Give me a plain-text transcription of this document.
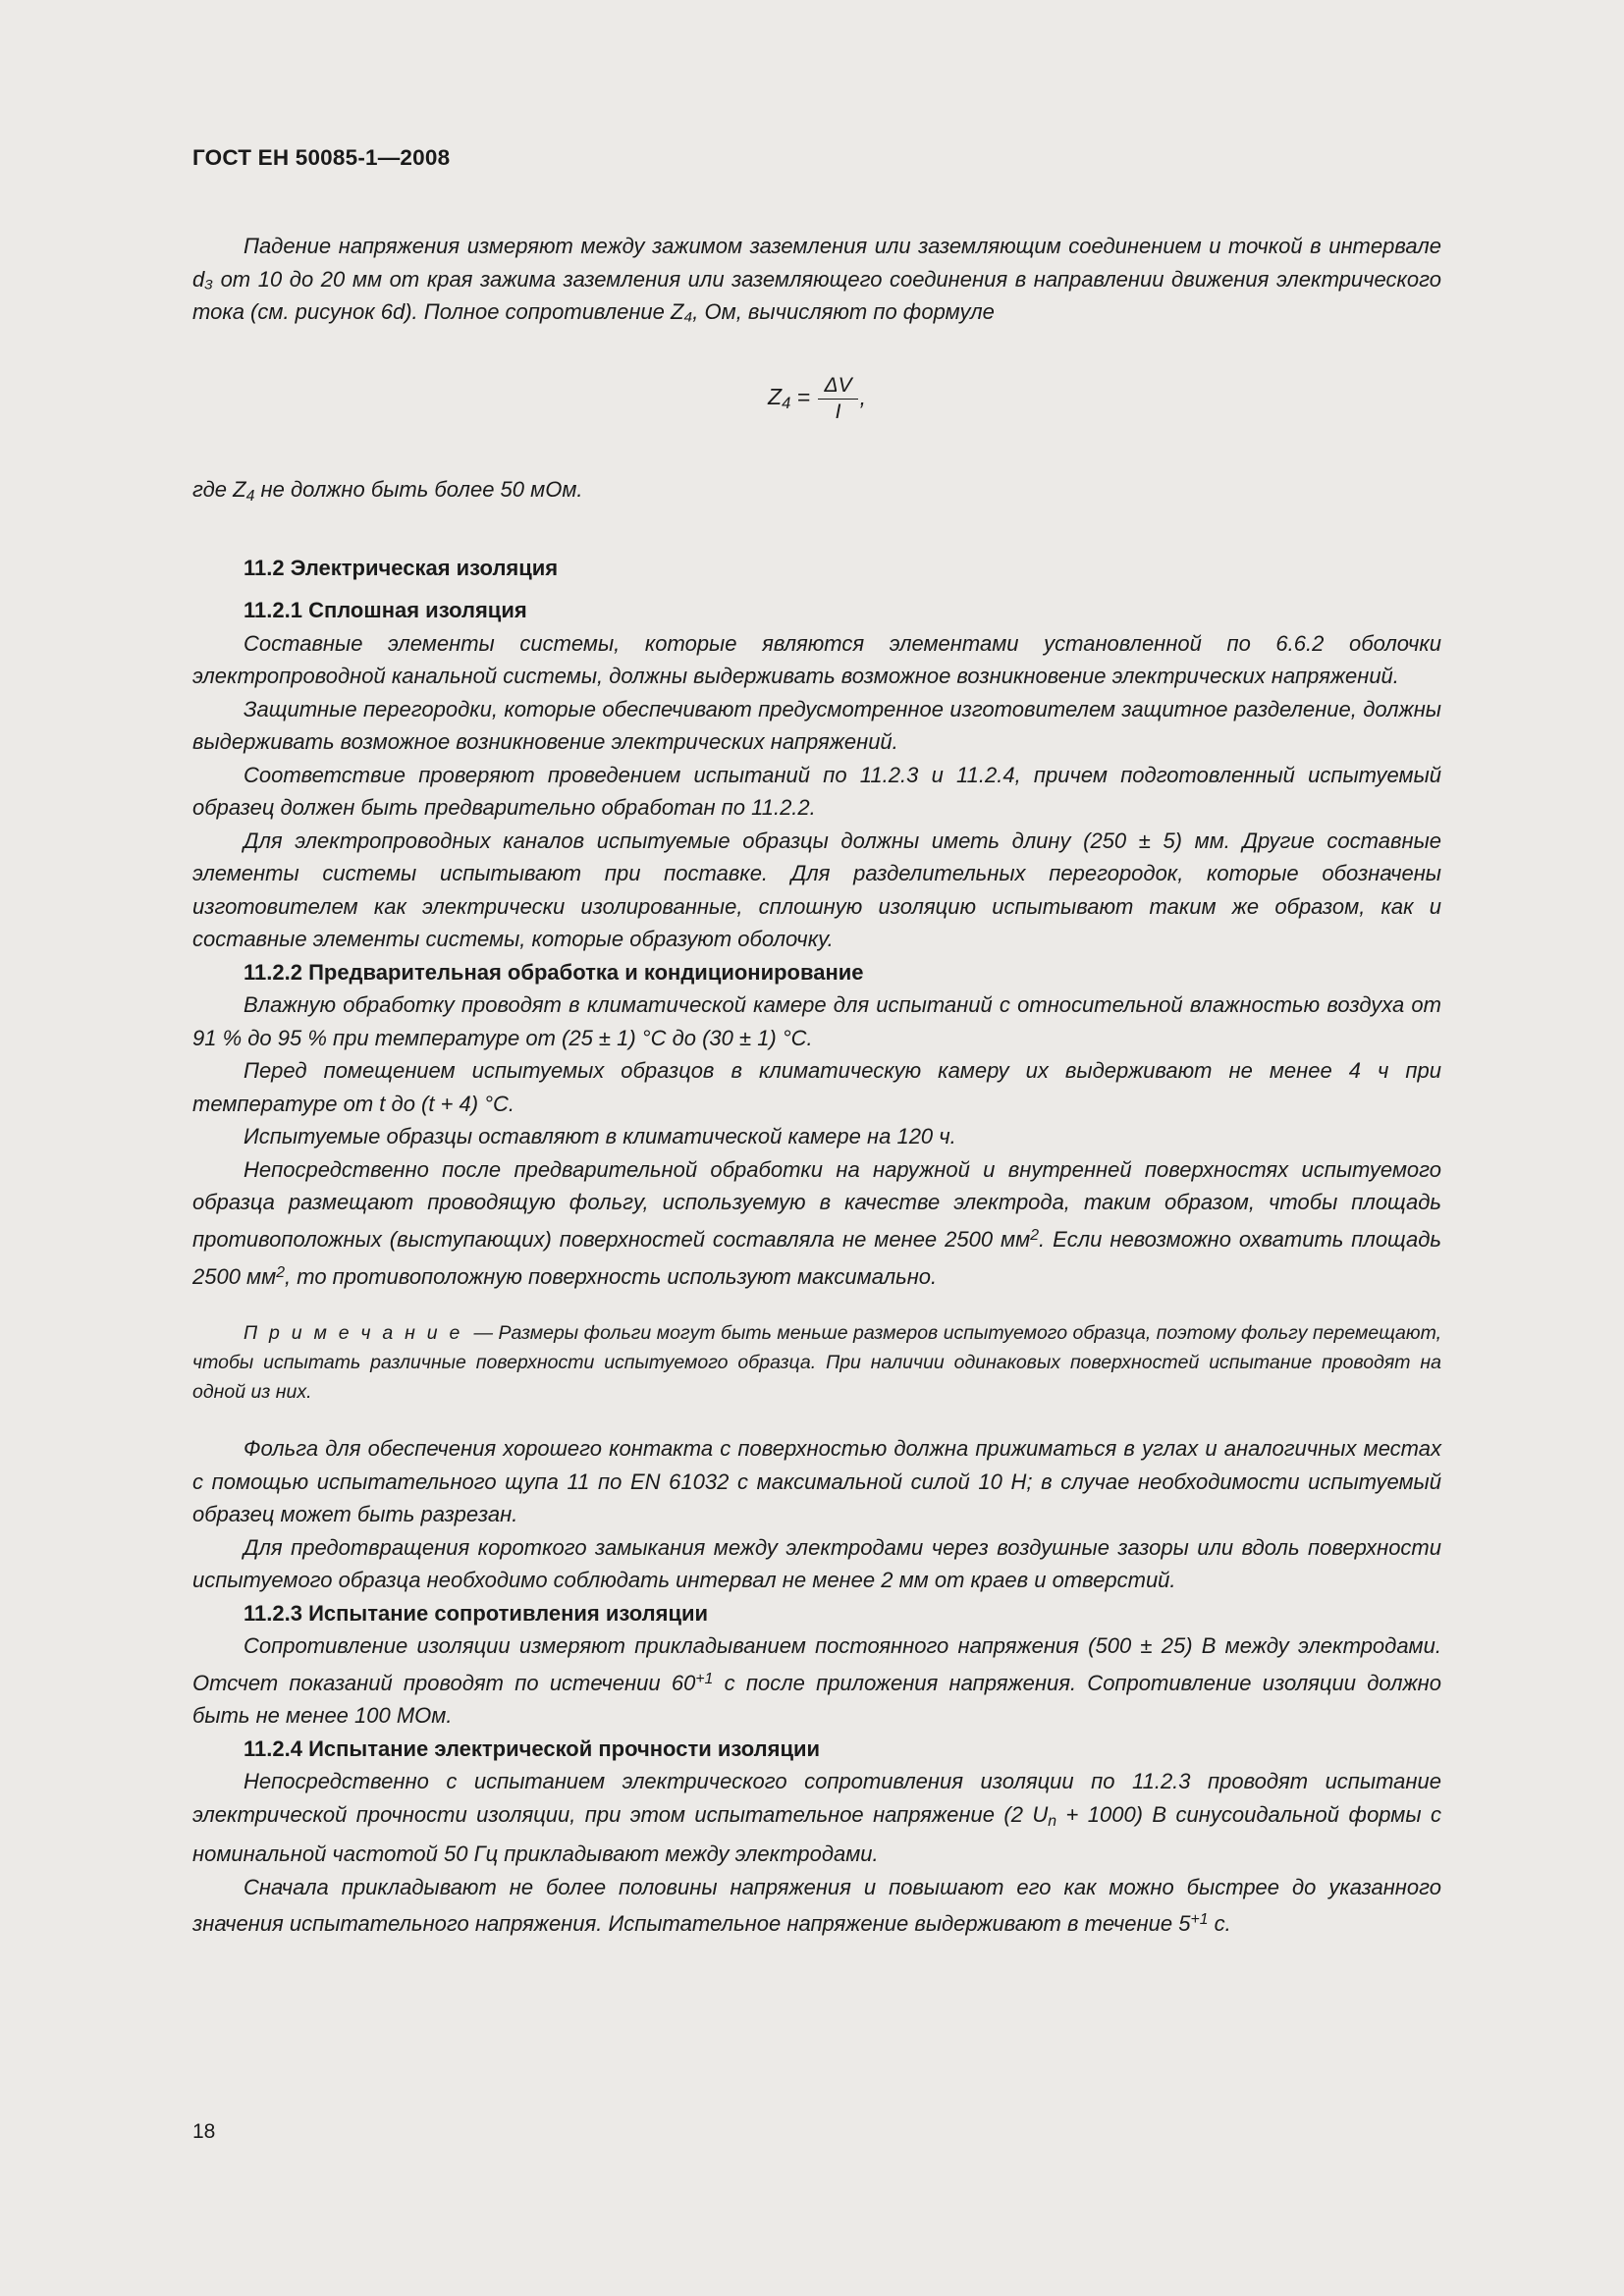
ГОСТ ЕН 50085-1—2008

Падение напряжения измеряют между зажимом заземления или заземляющим соединением и точкой в интервале d₃ от 10 до 20 мм от края зажима заземления или заземляющего соединения в направлении движения электрического тока (см. рисунок 6d). Полное сопротивление Z₄, Ом, вычисляют по формуле

$Z_4 = \frac{\Delta V}{I}$ ,
где $Z_4$ не должно быть более 50 мОм.
11.2 Электрическая изоляция
11.2.1 Сплошная изоляция

Составные элементы системы, которые являются элементами установленной по 6.6.2 оболочки электропроводной канальной системы, должны выдерживать возможное возникновение электрических напряжений.

Защитные перегородки, которые обеспечивают предусмотренное изготовителем защитное разделение, должны выдерживать возможное возникновение электрических напряжений.

Соответствие проверяют проведением испытаний по 11.2.3 и 11.2.4, причем подготовленный испытуемый образец должен быть предварительно обработан по 11.2.2.

Для электропроводных каналов испытуемые образцы должны иметь длину (250 ± 5) мм. Другие составные элементы системы испытывают при поставке. Для разделительных перегородок, которые обозначены изготовителем как электрически изолированные, сплошную изоляцию испытывают таким же образом, как и составные элементы системы, которые образуют оболочку.

11.2.2 Предварительная обработка и кондиционирование

Влажную обработку проводят в климатической камере для испытаний с относительной влажностью воздуха от 91 % до 95 % при температуре от (25 ± 1) °C до (30 ± 1) °C.

Перед помещением испытуемых образцов в климатическую камеру их выдерживают не менее 4 ч при температуре от t до (t + 4) °C.

Испытуемые образцы оставляют в климатической камере на 120 ч.

Непосредственно после предварительной обработки на наружной и внутренней поверхностях испытуемого образца размещают проводящую фольгу, используемую в качестве электрода, таким образом, чтобы площадь противоположных (выступающих) поверхностей составляла не менее 2500 $мм^2$. Если невозможно охватить площадь 2500 $мм^2$, то противоположную поверхность используют максимально.

П р и м е ч а н и е — Размеры фольги могут быть меньше размеров испытуемого образца, поэтому фольгу перемещают, чтобы испытать различные поверхности испытуемого образца. При наличии одинаковых поверхностей испытание проводят на одной из них.

Фольга для обеспечения хорошего контакта с поверхностью должна прижиматься в углах и аналогичных местах с помощью испытательного щупа 11 по EN 61032 с максимальной силой 10 Н; в случае необходимости испытуемый образец может быть разрезан.

Для предотвращения короткого замыкания между электродами через воздушные зазоры или вдоль поверхности испытуемого образца необходимо соблюдать интервал не менее 2 мм от краев и отверстий.

11.2.3 Испытание сопротивления изоляции

Сопротивление изоляции измеряют прикладыванием постоянного напряжения (500 ± 25) В между электродами. Отсчет показаний проводят по истечении $60^{+1}$ с после приложения напряжения. Сопротивление изоляции должно быть не менее 100 МОм.

11.2.4 Испытание электрической прочности изоляции

Непосредственно с испытанием электрического сопротивления изоляции по 11.2.3 проводят испытание электрической прочности изоляции, при этом испытательное напряжение (2 $U_n + 1000$) В синусоидальной формы с номинальной частотой 50 Гц прикладывают между электродами.

Сначала прикладывают не более половины напряжения и повышают его как можно быстрее до указанного значения испытательного напряжения. Испытательное напряжение выдерживают в течение $5^{+1}$ с.

18
